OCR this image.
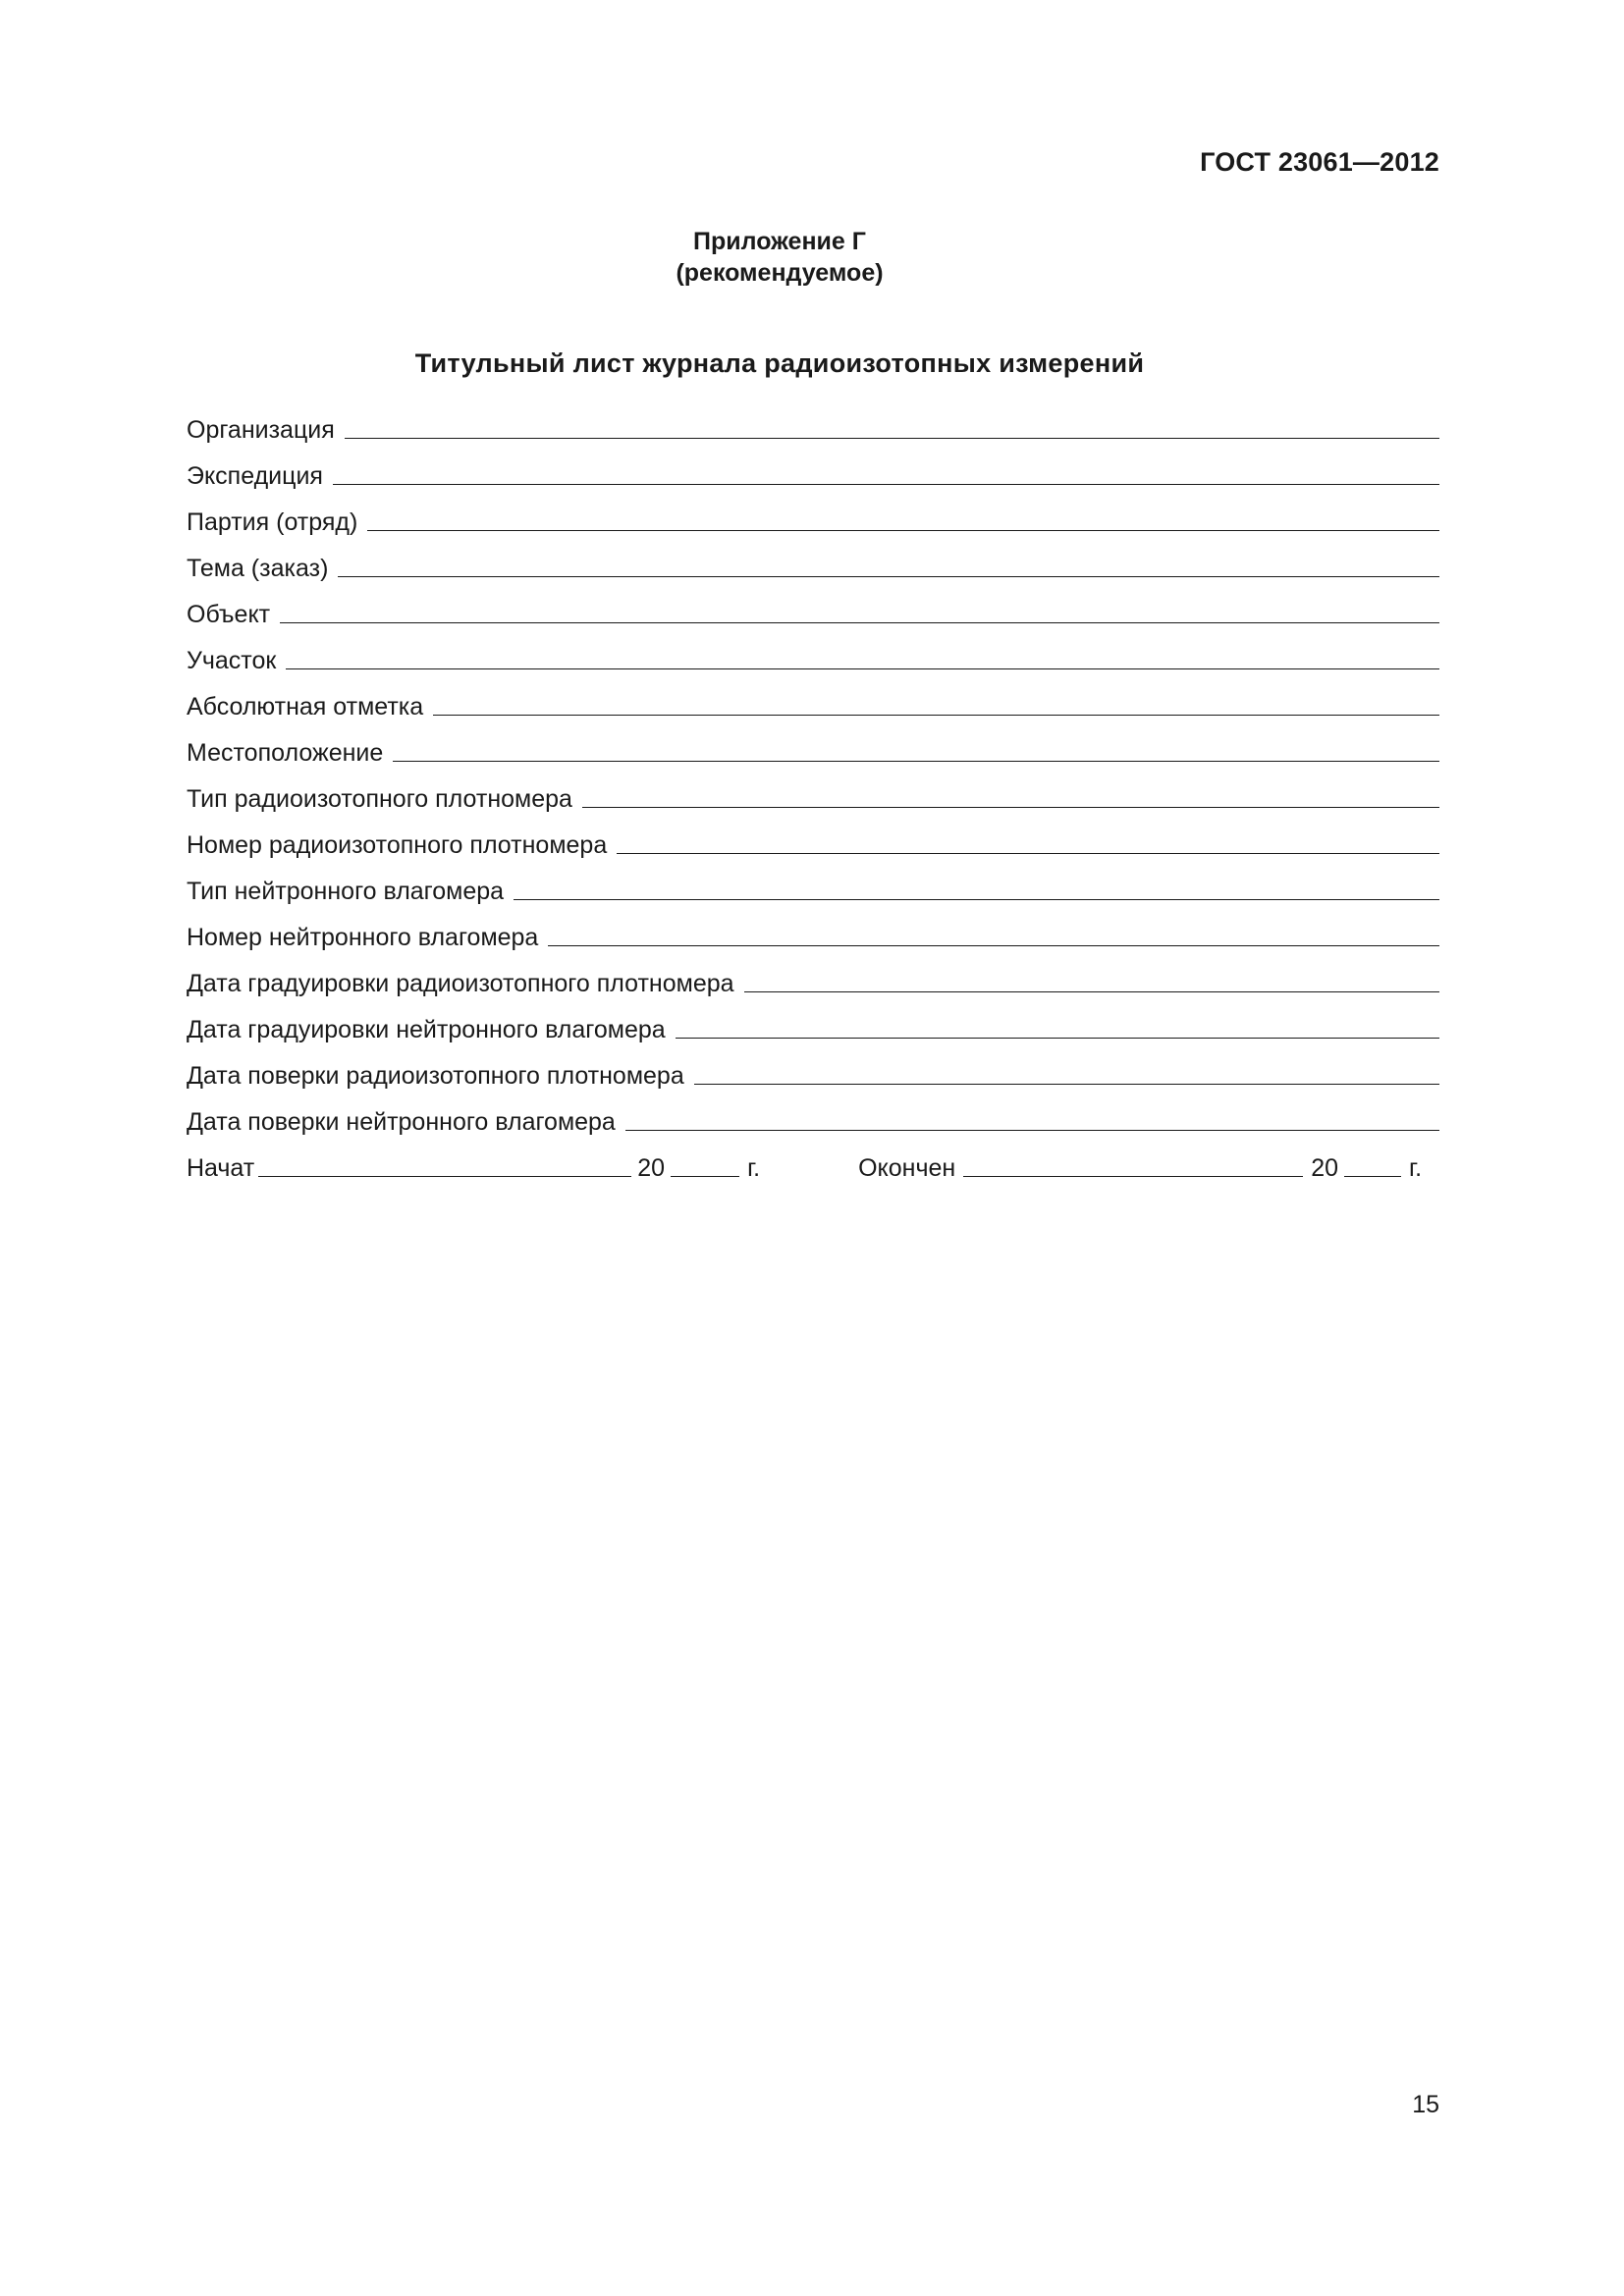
ГОСТ 23061—2012
Приложение Г
(рекомендуемое)
Титульный лист журнала радиоизотопных измерений
Организация
Экспедиция
Партия (отряд)
Тема (заказ)
Объект
Участок
Абсолютная отметка
Местоположение
Тип радиоизотопного плотномера
Номер радиоизотопного плотномера
Тип нейтронного влагомера
Номер нейтронного влагомера
Дата градуировки радиоизотопного плотномера
Дата градуировки нейтронного влагомера
Дата поверки радиоизотопного плотномера
Дата поверки нейтронного влагомера
Начат	20	г.	Окончен	20	г.
15
